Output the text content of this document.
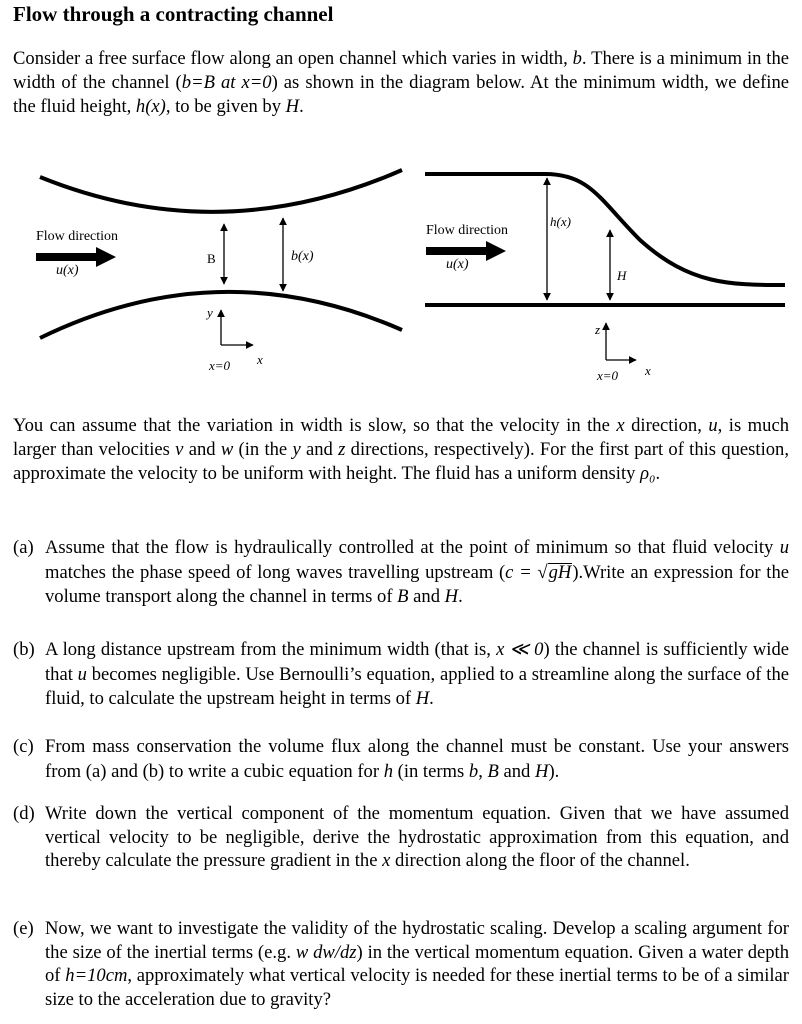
Flow through a contracting channel
Consider a free surface flow along an open channel which varies in width, b. There is a minimum in the width of the channel (b=B at x=0) as shown in the diagram below. At the minimum width, we define the fluid height, h(x), to be given by H.
Flow direction
u(x)
B	b(x)
y
x
x=0
Flow direction
u(x)
h(x)
H
z
x
x=0
You can assume that the variation in width is slow, so that the velocity in the x direction, u, is much larger than velocities v and w (in the y and z directions, respectively). For the first part of this question, approximate the velocity to be uniform with height. The fluid has a uniform density ρ₀.
(a) Assume that the flow is hydraulically controlled at the point of minimum so that fluid velocity u matches the phase speed of long waves travelling upstream (c = √gH).Write an expression for the volume transport along the channel in terms of B and H.
(b) A long distance upstream from the minimum width (that is, x ≪ 0) the channel is sufficiently wide that u becomes negligible. Use Bernoulli’s equation, applied to a streamline along the surface of the fluid, to calculate the upstream height in terms of H.
(c) From mass conservation the volume flux along the channel must be constant. Use your answers from (a) and (b) to write a cubic equation for h (in terms b, B and H).
(d) Write down the vertical component of the momentum equation. Given that we have assumed vertical velocity to be negligible, derive the hydrostatic approximation from this equation, and thereby calculate the pressure gradient in the x direction along the floor of the channel.
(e) Now, we want to investigate the validity of the hydrostatic scaling. Develop a scaling argument for the size of the inertial terms (e.g. w dw/dz) in the vertical momentum equation. Given a water depth of h=10cm, approximately what vertical velocity is needed for these inertial terms to be of a similar size to the acceleration due to gravity?
